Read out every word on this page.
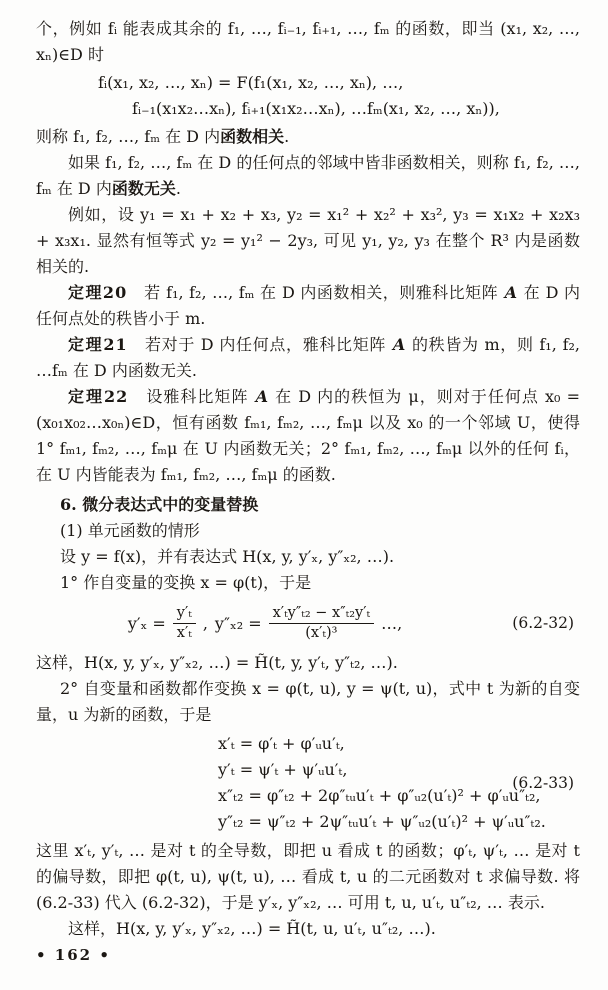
个，例如 fᵢ 能表成其余的 f₁, …, fᵢ₋₁, fᵢ₊₁, …, fₘ 的函数，即当 (x₁, x₂, …, xₙ)∈D 时

fᵢ(x₁, x₂, …, xₙ) = F(f₁(x₁, x₂, …, xₙ), …,
fᵢ₋₁(x₁x₂…xₙ), fᵢ₊₁(x₁x₂…xₙ), …fₘ(x₁, x₂, …, xₙ)),

则称 f₁, f₂, …, fₘ 在 D 内函数相关.

如果 f₁, f₂, …, fₘ 在 D 的任何点的邻域中皆非函数相关，则称 f₁, f₂, …, fₘ 在 D 内函数无关.

例如，设 y₁ = x₁ + x₂ + x₃, y₂ = x₁² + x₂² + x₃², y₃ = x₁x₂ + x₂x₃ + x₃x₁. 显然有恒等式 y₂ = y₁² − 2y₃, 可见 y₁, y₂, y₃ 在整个 R³ 内是函数相关的.

定理20　若 f₁, f₂, …, fₘ 在 D 内函数相关，则雅科比矩阵 A 在 D 内任何点处的秩皆小于 m.

定理21　若对于 D 内任何点，雅科比矩阵 A 的秩皆为 m，则 f₁, f₂, …fₘ 在 D 内函数无关.

定理22　设雅科比矩阵 A 在 D 内的秩恒为 μ，则对于任何点 x₀ = (x₀₁x₀₂…x₀ₙ)∈D，恒有函数 fₘ₁, fₘ₂, …, fₘμ 以及 x₀ 的一个邻域 U，使得1° fₘ₁, fₘ₂, …, fₘμ 在 U 内函数无关；2° fₘ₁, fₘ₂, …, fₘμ 以外的任何 fᵢ，在 U 内皆能表为 fₘ₁, fₘ₂, …, fₘμ 的函数.

6. 微分表达式中的变量替换

(1) 单元函数的情形

设 y = f(x)，并有表达式 H(x, y, y′ₓ, y″ₓ₂, …).

1° 作自变量的变换 x = φ(t)，于是

$y'_x = \frac{\text{y′ₜ}}{\text{x′ₜ}}$ , $y''_{x2} = \frac{\text{x′ₜy″ₜ₂ − x″ₜ₂y′ₜ}}{\text{(x′ₜ)³}}$ …,	(6.2-32)

这样，H(x, y, y′ₓ, y″ₓ₂, …) = H̃(t, y, y′ₜ, y″ₜ₂, …).

2° 自变量和函数都作变换 x = φ(t, u), y = ψ(t, u)，式中 t 为新的自变量，u 为新的函数，于是

x′ₜ = φ′ₜ + φ′ᵤu′ₜ,
y′ₜ = ψ′ₜ + ψ′ᵤu′ₜ,
x″ₜ₂ = φ″ₜ₂ + 2φ″ₜᵤu′ₜ + φ″ᵤ₂(u′ₜ)² + φ′ᵤu″ₜ₂,
y″ₜ₂ = ψ″ₜ₂ + 2ψ″ₜᵤu′ₜ + ψ″ᵤ₂(u′ₜ)² + ψ′ᵤu″ₜ₂.
(6.2-33)

这里 x′ₜ, y′ₜ, … 是对 t 的全导数，即把 u 看成 t 的函数；φ′ₜ, ψ′ₜ, … 是对 t 的偏导数，即把 φ(t, u), ψ(t, u), … 看成 t, u 的二元函数对 t 求偏导数. 将 (6.2-33) 代入 (6.2-32)，于是 y′ₓ, y″ₓ₂, … 可用 t, u, u′ₜ, u″ₜ₂, … 表示.

这样，H(x, y, y′ₓ, y″ₓ₂, …) = H̃(t, u, u′ₜ, u″ₜ₂, …).

• 162 •
